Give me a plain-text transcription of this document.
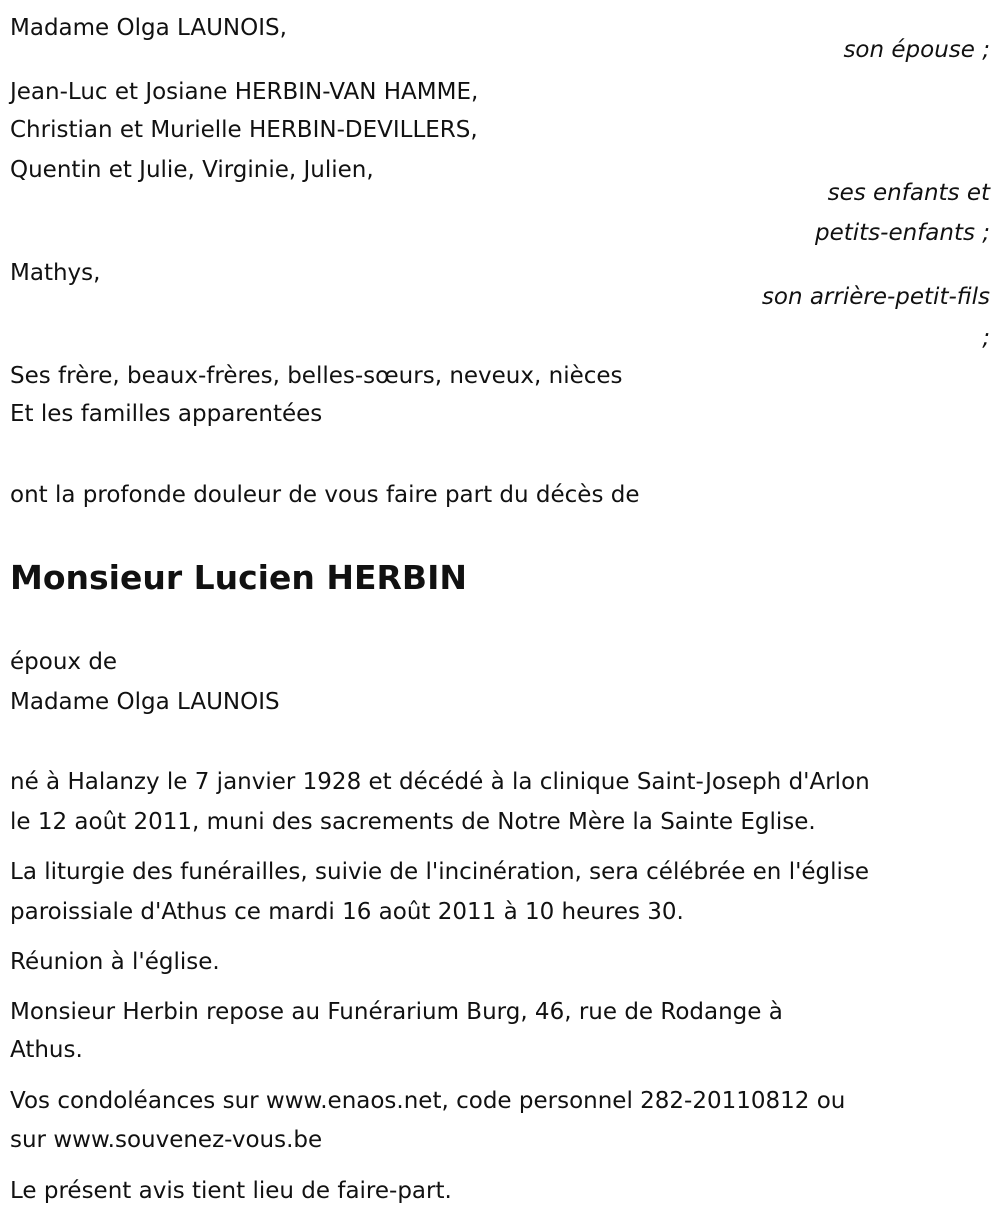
Madame Olga LAUNOIS,
son épouse ;
Jean-Luc et Josiane HERBIN-VAN HAMME,
Christian et Murielle HERBIN-DEVILLERS,
Quentin et Julie, Virginie, Julien,
ses enfants et
petits-enfants ;
Mathys,
son arrière-petit-fils
;
Ses frère, beaux-frères, belles-sœurs, neveux, nièces
Et les familles apparentées
ont la profonde douleur de vous faire part du décès de
Monsieur Lucien HERBIN
époux de
Madame Olga LAUNOIS
né à Halanzy le 7 janvier 1928 et décédé à la clinique Saint-Joseph d'Arlon
le 12 août 2011, muni des sacrements de Notre Mère la Sainte Eglise.
La liturgie des funérailles, suivie de l'incinération, sera célébrée en l'église
paroissiale d'Athus ce mardi 16 août 2011 à 10 heures 30.
Réunion à l'église.
Monsieur Herbin repose au Funérarium Burg, 46, rue de Rodange à
Athus.
Vos condoléances sur www.enaos.net, code personnel 282-20110812 ou
sur www.souvenez-vous.be
Le présent avis tient lieu de faire-part.
